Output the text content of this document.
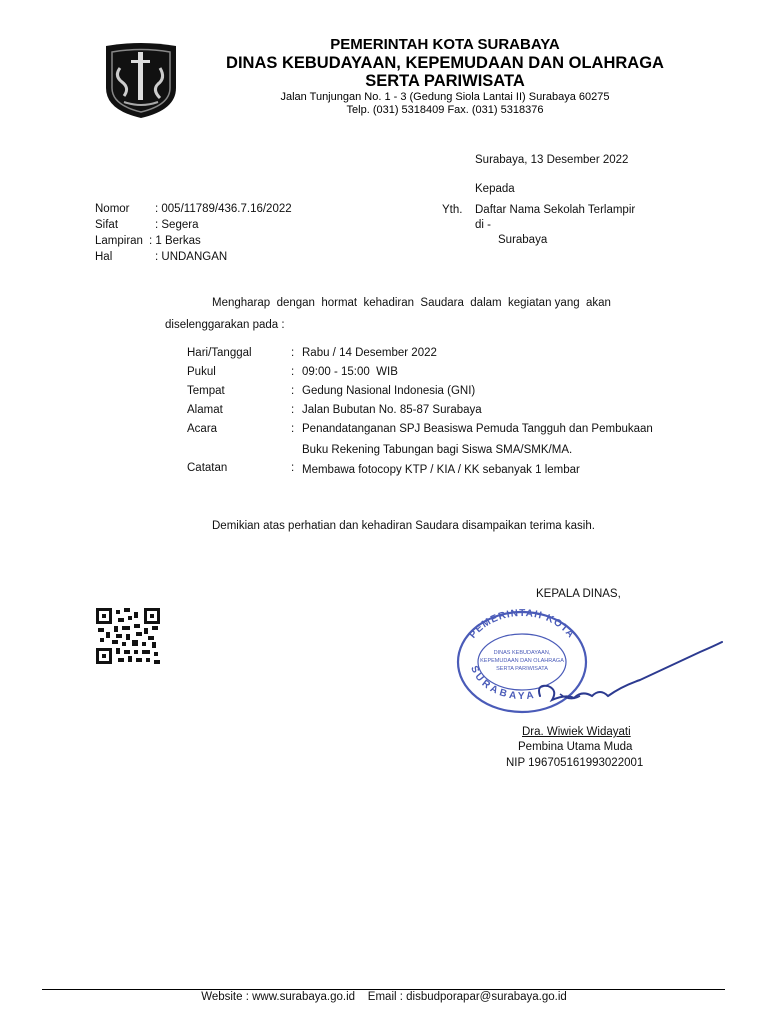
PEMERINTAH KOTA SURABAYA
DINAS KEBUDAYAAN, KEPEMUDAAN DAN OLAHRAGA
SERTA PARIWISATA
Jalan Tunjungan No. 1 - 3 (Gedung Siola Lantai II) Surabaya 60275
Telp. (031) 5318409 Fax. (031) 5318376
Surabaya, 13 Desember 2022
Kepada
Yth. Daftar Nama Sekolah Terlampir
di -
Surabaya
Nomor : 005/11789/436.7.16/2022
Sifat	: Segera
Lampiran : 1 Berkas
Hal	: UNDANGAN
Mengharap  dengan  hormat  kehadiran  Saudara  dalam  kegiatan yang  akan
diselenggarakan pada :
Hari/Tanggal	: Rabu / 14 Desember 2022
Pukul	: 09:00 - 15:00  WIB
Tempat	: Gedung Nasional Indonesia (GNI)
Alamat	: Jalan Bubutan No. 85-87 Surabaya
Acara	: Penandatanganan SPJ Beasiswa Pemuda Tangguh dan Pembukaan
Buku Rekening Tabungan bagi Siswa SMA/SMK/MA.
Catatan	: Membawa fotocopy KTP / KIA / KK sebanyak 1 lembar
Demikian atas perhatian dan kehadiran Saudara disampaikan terima kasih.
KEPALA DINAS,
PEMERINTAH KOTA
SURABAYA
DINAS KEBUDAYAAN,
KEPEMUDAAN DAN OLAHRAGA
SERTA PARIWISATA
Dra. Wiwiek Widayati
Pembina Utama Muda
NIP 196705161993022001
Website : www.surabaya.go.id    Email : disbudporapar@surabaya.go.id
